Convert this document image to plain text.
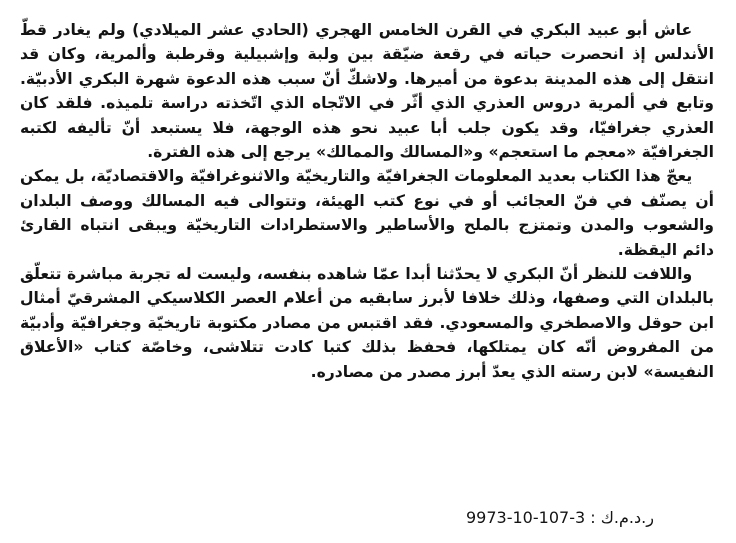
عاش أبو عبيد البكري في القرن الخامس الهجري (الحادي عشر الميلادي) ولم يغادر قطّ الأندلس إذ انحصرت حياته في رقعة ضيّقة بين ولبة وإشبيلية وقرطبة وألمرية، وكان قد انتقل إلى هذه المدينة بدعوة من أميرها. ولاشكّ أنّ سبب هذه الدعوة شهرة البكري الأدبيّة. وتابع في ألمرية دروس العذري الذي أثّر في الاتّجاه الذي اتّخذته دراسة تلميذه. فلقد كان العذري جغرافيّا، وقد يكون جلب أبا عبيد نحو هذه الوجهة، فلا يستبعد أنّ تأليفه لكتبه الجغرافيّة «معجم ما استعجم» و«المسالك والممالك» يرجع إلى هذه الفترة.

يعجّ هذا الكتاب بعديد المعلومات الجغرافيّة والتاريخيّة والاثنوغرافيّة والاقتصاديّة، بل يمكن أن يصنّف في فنّ العجائب أو في نوع كتب الهيئة، وتتوالى فيه المسالك ووصف البلدان والشعوب والمدن وتمتزج بالملح والأساطير والاستطرادات التاريخيّة ويبقى انتباه القارئ دائم اليقظة.

واللافت للنظر أنّ البكري لا يحدّثنا أبدا عمّا شاهده بنفسه، وليست له تجربة مباشرة تتعلّق بالبلدان التي وصفها، وذلك خلافا لأبرز سابقيه من أعلام العصر الكلاسيكي المشرقيّ أمثال ابن حوقل والاصطخري والمسعودي. فقد اقتبس من مصادر مكتوبة تاريخيّة وجغرافيّة وأدبيّة من المفروض أنّه كان يمتلكها، فحفظ بذلك كتبا كادت تتلاشى، وخاصّة كتاب «الأعلاق النفيسة» لابن رسته الذي يعدّ أبرز مصدر من مصادره.

ر.د.م.ك : 3-107-10-9973
